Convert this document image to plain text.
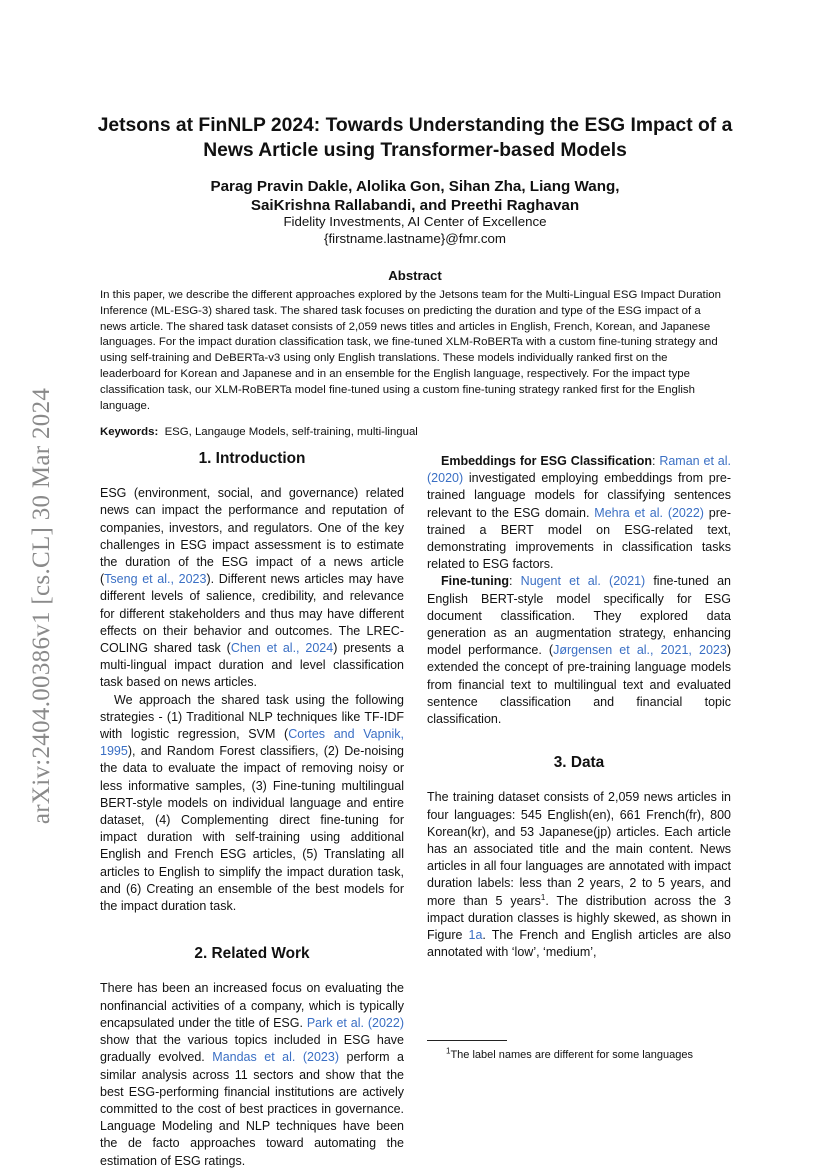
arXiv:2404.00386v1 [cs.CL] 30 Mar 2024
Jetsons at FinNLP 2024: Towards Understanding the ESG Impact of a News Article using Transformer-based Models
Parag Pravin Dakle, Alolika Gon, Sihan Zha, Liang Wang,
SaiKrishna Rallabandi, and Preethi Raghavan
Fidelity Investments, AI Center of Excellence
{firstname.lastname}@fmr.com
Abstract
In this paper, we describe the different approaches explored by the Jetsons team for the Multi-Lingual ESG Impact Duration Inference (ML-ESG-3) shared task. The shared task focuses on predicting the duration and type of the ESG impact of a news article. The shared task dataset consists of 2,059 news titles and articles in English, French, Korean, and Japanese languages. For the impact duration classification task, we fine-tuned XLM-RoBERTa with a custom fine-tuning strategy and using self-training and DeBERTa-v3 using only English translations. These models individually ranked first on the leaderboard for Korean and Japanese and in an ensemble for the English language, respectively. For the impact type classification task, our XLM-RoBERTa model fine-tuned using a custom fine-tuning strategy ranked first for the English language.
Keywords: ESG, Langauge Models, self-training, multi-lingual
1. Introduction

ESG (environment, social, and governance) related news can impact the performance and reputation of companies, investors, and regulators. One of the key challenges in ESG impact assessment is to estimate the duration of the ESG impact of a news article (Tseng et al., 2023). Different news articles may have different levels of salience, credibility, and relevance for different stakeholders and thus may have different effects on their behavior and outcomes. The LREC-COLING shared task (Chen et al., 2024) presents a multi-lingual impact duration and level classification task based on news articles.

We approach the shared task using the following strategies - (1) Traditional NLP techniques like TF-IDF with logistic regression, SVM (Cortes and Vapnik, 1995), and Random Forest classifiers, (2) De-noising the data to evaluate the impact of removing noisy or less informative samples, (3) Fine-tuning multilingual BERT-style models on individual language and entire dataset, (4) Complementing direct fine-tuning for impact duration with self-training using additional English and French ESG articles, (5) Translating all articles to English to simplify the impact duration task, and (6) Creating an ensemble of the best models for the impact duration task.

2. Related Work

There has been an increased focus on evaluating the nonfinancial activities of a company, which is typically encapsulated under the title of ESG. Park et al. (2022) show that the various topics included in ESG have gradually evolved. Mandas et al. (2023) perform a similar analysis across 11 sectors and show that the best ESG-performing financial institutions are actively committed to the cost of best practices in governance. Language Modeling and NLP techniques have been the de facto approaches toward automating the estimation of ESG ratings.

Embeddings for ESG Classification: Raman et al. (2020) investigated employing embeddings from pre-trained language models for classifying sentences relevant to the ESG domain. Mehra et al. (2022) pre-trained a BERT model on ESG-related text, demonstrating improvements in classification tasks related to ESG factors.

Fine-tuning: Nugent et al. (2021) fine-tuned an English BERT-style model specifically for ESG document classification. They explored data generation as an augmentation strategy, enhancing model performance. (Jørgensen et al., 2021, 2023) extended the concept of pre-training language models from financial text to multilingual text and evaluated sentence classification and financial topic classification.

3. Data

The training dataset consists of 2,059 news articles in four languages: 545 English(en), 661 French(fr), 800 Korean(kr), and 53 Japanese(jp) articles. Each article has an associated title and the main content. News articles in all four languages are annotated with impact duration labels: less than 2 years, 2 to 5 years, and more than 5 years$^1$. The distribution across the 3 impact duration classes is highly skewed, as shown in Figure 1a. The French and English articles are also annotated with ‘low’, ‘medium’,

$^1$The label names are different for some languages
